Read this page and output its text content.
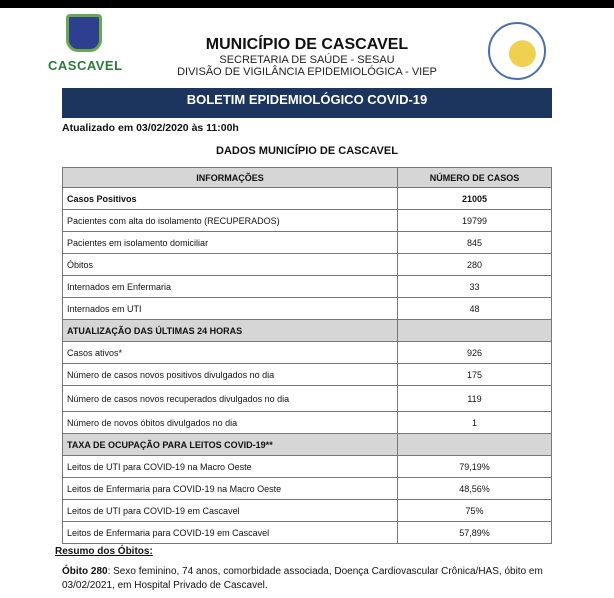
CASCAVEL
MUNICÍPIO DE CASCAVEL
SECRETARIA DE SAÚDE - SESAU
DIVISÃO DE VIGILÂNCIA EPIDEMIOLÓGICA - VIEP
BOLETIM EPIDEMIOLÓGICO COVID-19
Atualizado em 03/02/2020 às 11:00h
DADOS MUNICÍPIO DE CASCAVEL
INFORMAÇÕES	NÚMERO DE CASOS
Casos Positivos	21005
Pacientes com alta do isolamento (RECUPERADOS)	19799
Pacientes em isolamento domiciliar	845
Óbitos	280
Internados em Enfermaria	33
Internados em UTI	48
ATUALIZAÇÃO DAS ÚLTIMAS 24 HORAS	
Casos ativos*	926
Número de casos novos positivos divulgados no dia	175
Número de casos novos recuperados divulgados no dia	119
Número de novos óbitos divulgados no dia	1
TAXA DE OCUPAÇÃO PARA LEITOS COVID-19**	
Leitos de UTI para COVID-19 na Macro Oeste	79,19%
Leitos de Enfermaria para COVID-19 na Macro Oeste	48,56%
Leitos de UTI para COVID-19 em Cascavel	75%
Leitos de Enfermaria para COVID-19 em Cascavel	57,89%
Resumo dos Óbitos:
Óbito 280: Sexo feminino, 74 anos, comorbidade associada, Doença Cardiovascular Crônica/HAS, óbito em 03/02/2021, em Hospital Privado de Cascavel.
